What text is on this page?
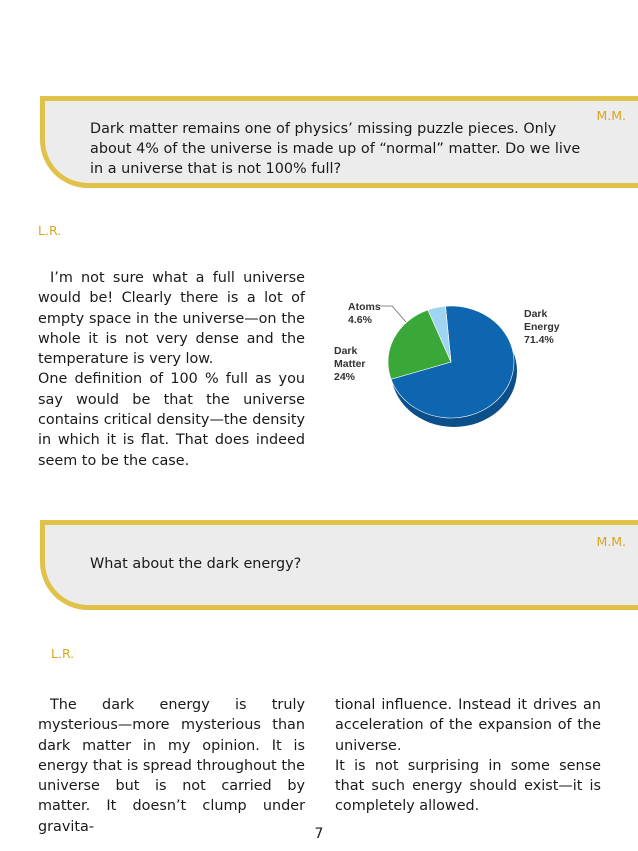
M.M.
Dark matter remains one of physics’ missing puzzle pieces. Only about 4% of the universe is made up of “normal” matter. Do we live in a universe that is not 100% full?
L.R.

I’m not sure what a full universe would be! Clearly there is a lot of empty space in the universe—on the whole it is not very dense and the temperature is very low.

One definition of 100 % full as you say would be that the universe contains critical density—the density in which it is flat. That does indeed seem to be the case.

Atoms
4.6%
Dark
Matter
24%
Dark
Energy
71.4%
M.M.
What about the dark energy?
L.R.

The dark energy is truly mysterious—more mysterious than dark matter in my opinion. It is energy that is spread throughout the universe but is not carried by matter. It doesn’t clump under gravita-

tional influence. Instead it drives an acceleration of the expansion of the universe.

It is not surprising in some sense that such energy should exist—it is completely allowed.

7
